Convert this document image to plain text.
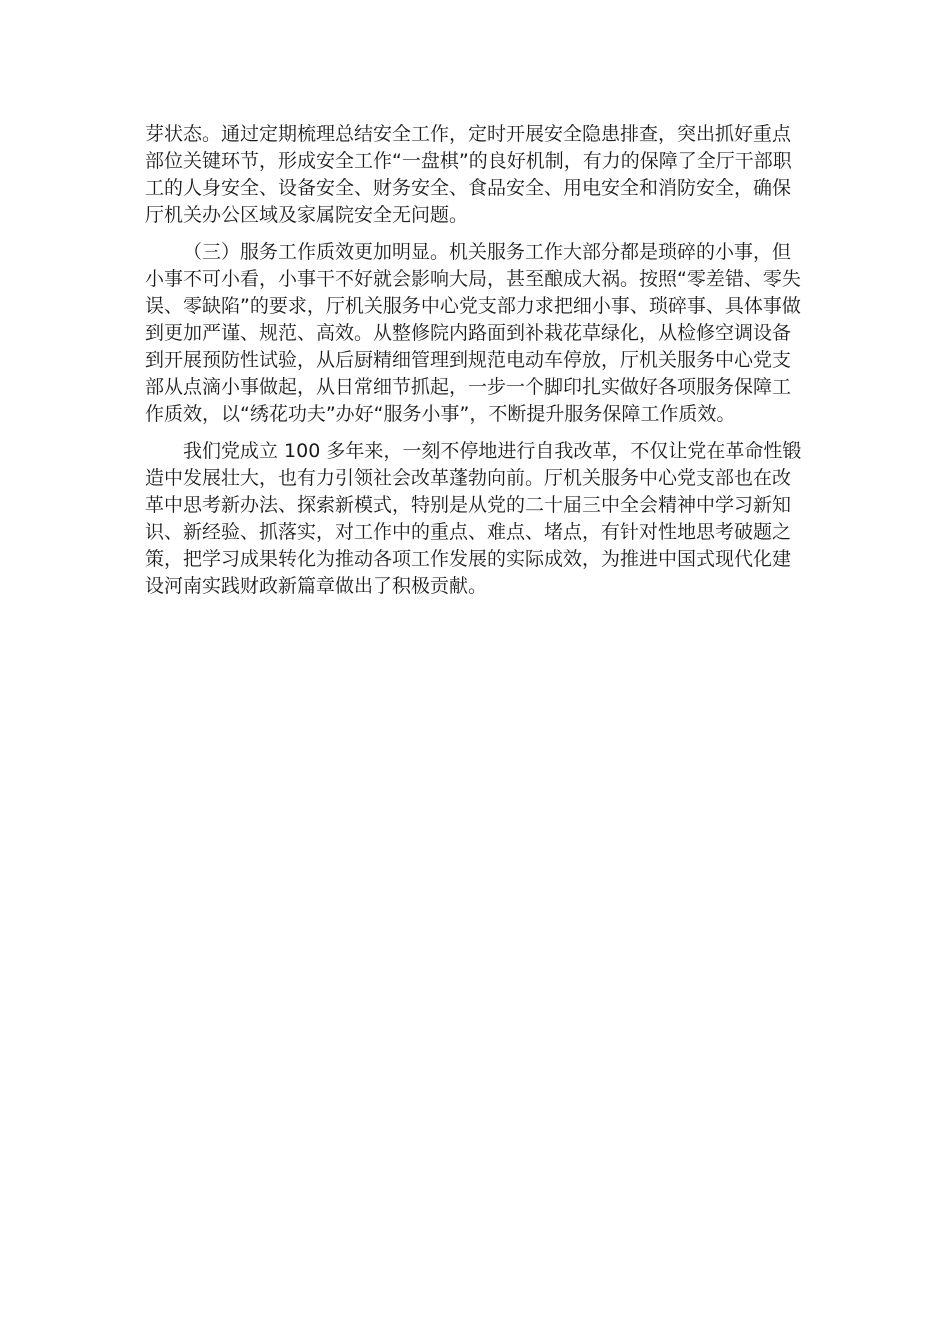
芽状态。通过定期梳理总结安全工作，定时开展安全隐患排查，突出抓好重点
部位关键环节，形成安全工作“一盘棋”的良好机制，有力的保障了全厅干部职
工的人身安全、设备安全、财务安全、食品安全、用电安全和消防安全，确保
厅机关办公区域及家属院安全无问题。
（三）服务工作质效更加明显。机关服务工作大部分都是琐碎的小事，但
小事不可小看，小事干不好就会影响大局，甚至酿成大祸。按照“零差错、零失
误、零缺陷”的要求，厅机关服务中心党支部力求把细小事、琐碎事、具体事做
到更加严谨、规范、高效。从整修院内路面到补栽花草绿化，从检修空调设备
到开展预防性试验，从后厨精细管理到规范电动车停放，厅机关服务中心党支
部从点滴小事做起，从日常细节抓起，一步一个脚印扎实做好各项服务保障工
作质效，以“绣花功夫”办好“服务小事”，不断提升服务保障工作质效。
我们党成立 100 多年来，一刻不停地进行自我改革，不仅让党在革命性锻
造中发展壮大，也有力引领社会改革蓬勃向前。厅机关服务中心党支部也在改
革中思考新办法、探索新模式，特别是从党的二十届三中全会精神中学习新知
识、新经验、抓落实，对工作中的重点、难点、堵点，有针对性地思考破题之
策，把学习成果转化为推动各项工作发展的实际成效，为推进中国式现代化建
设河南实践财政新篇章做出了积极贡献。
